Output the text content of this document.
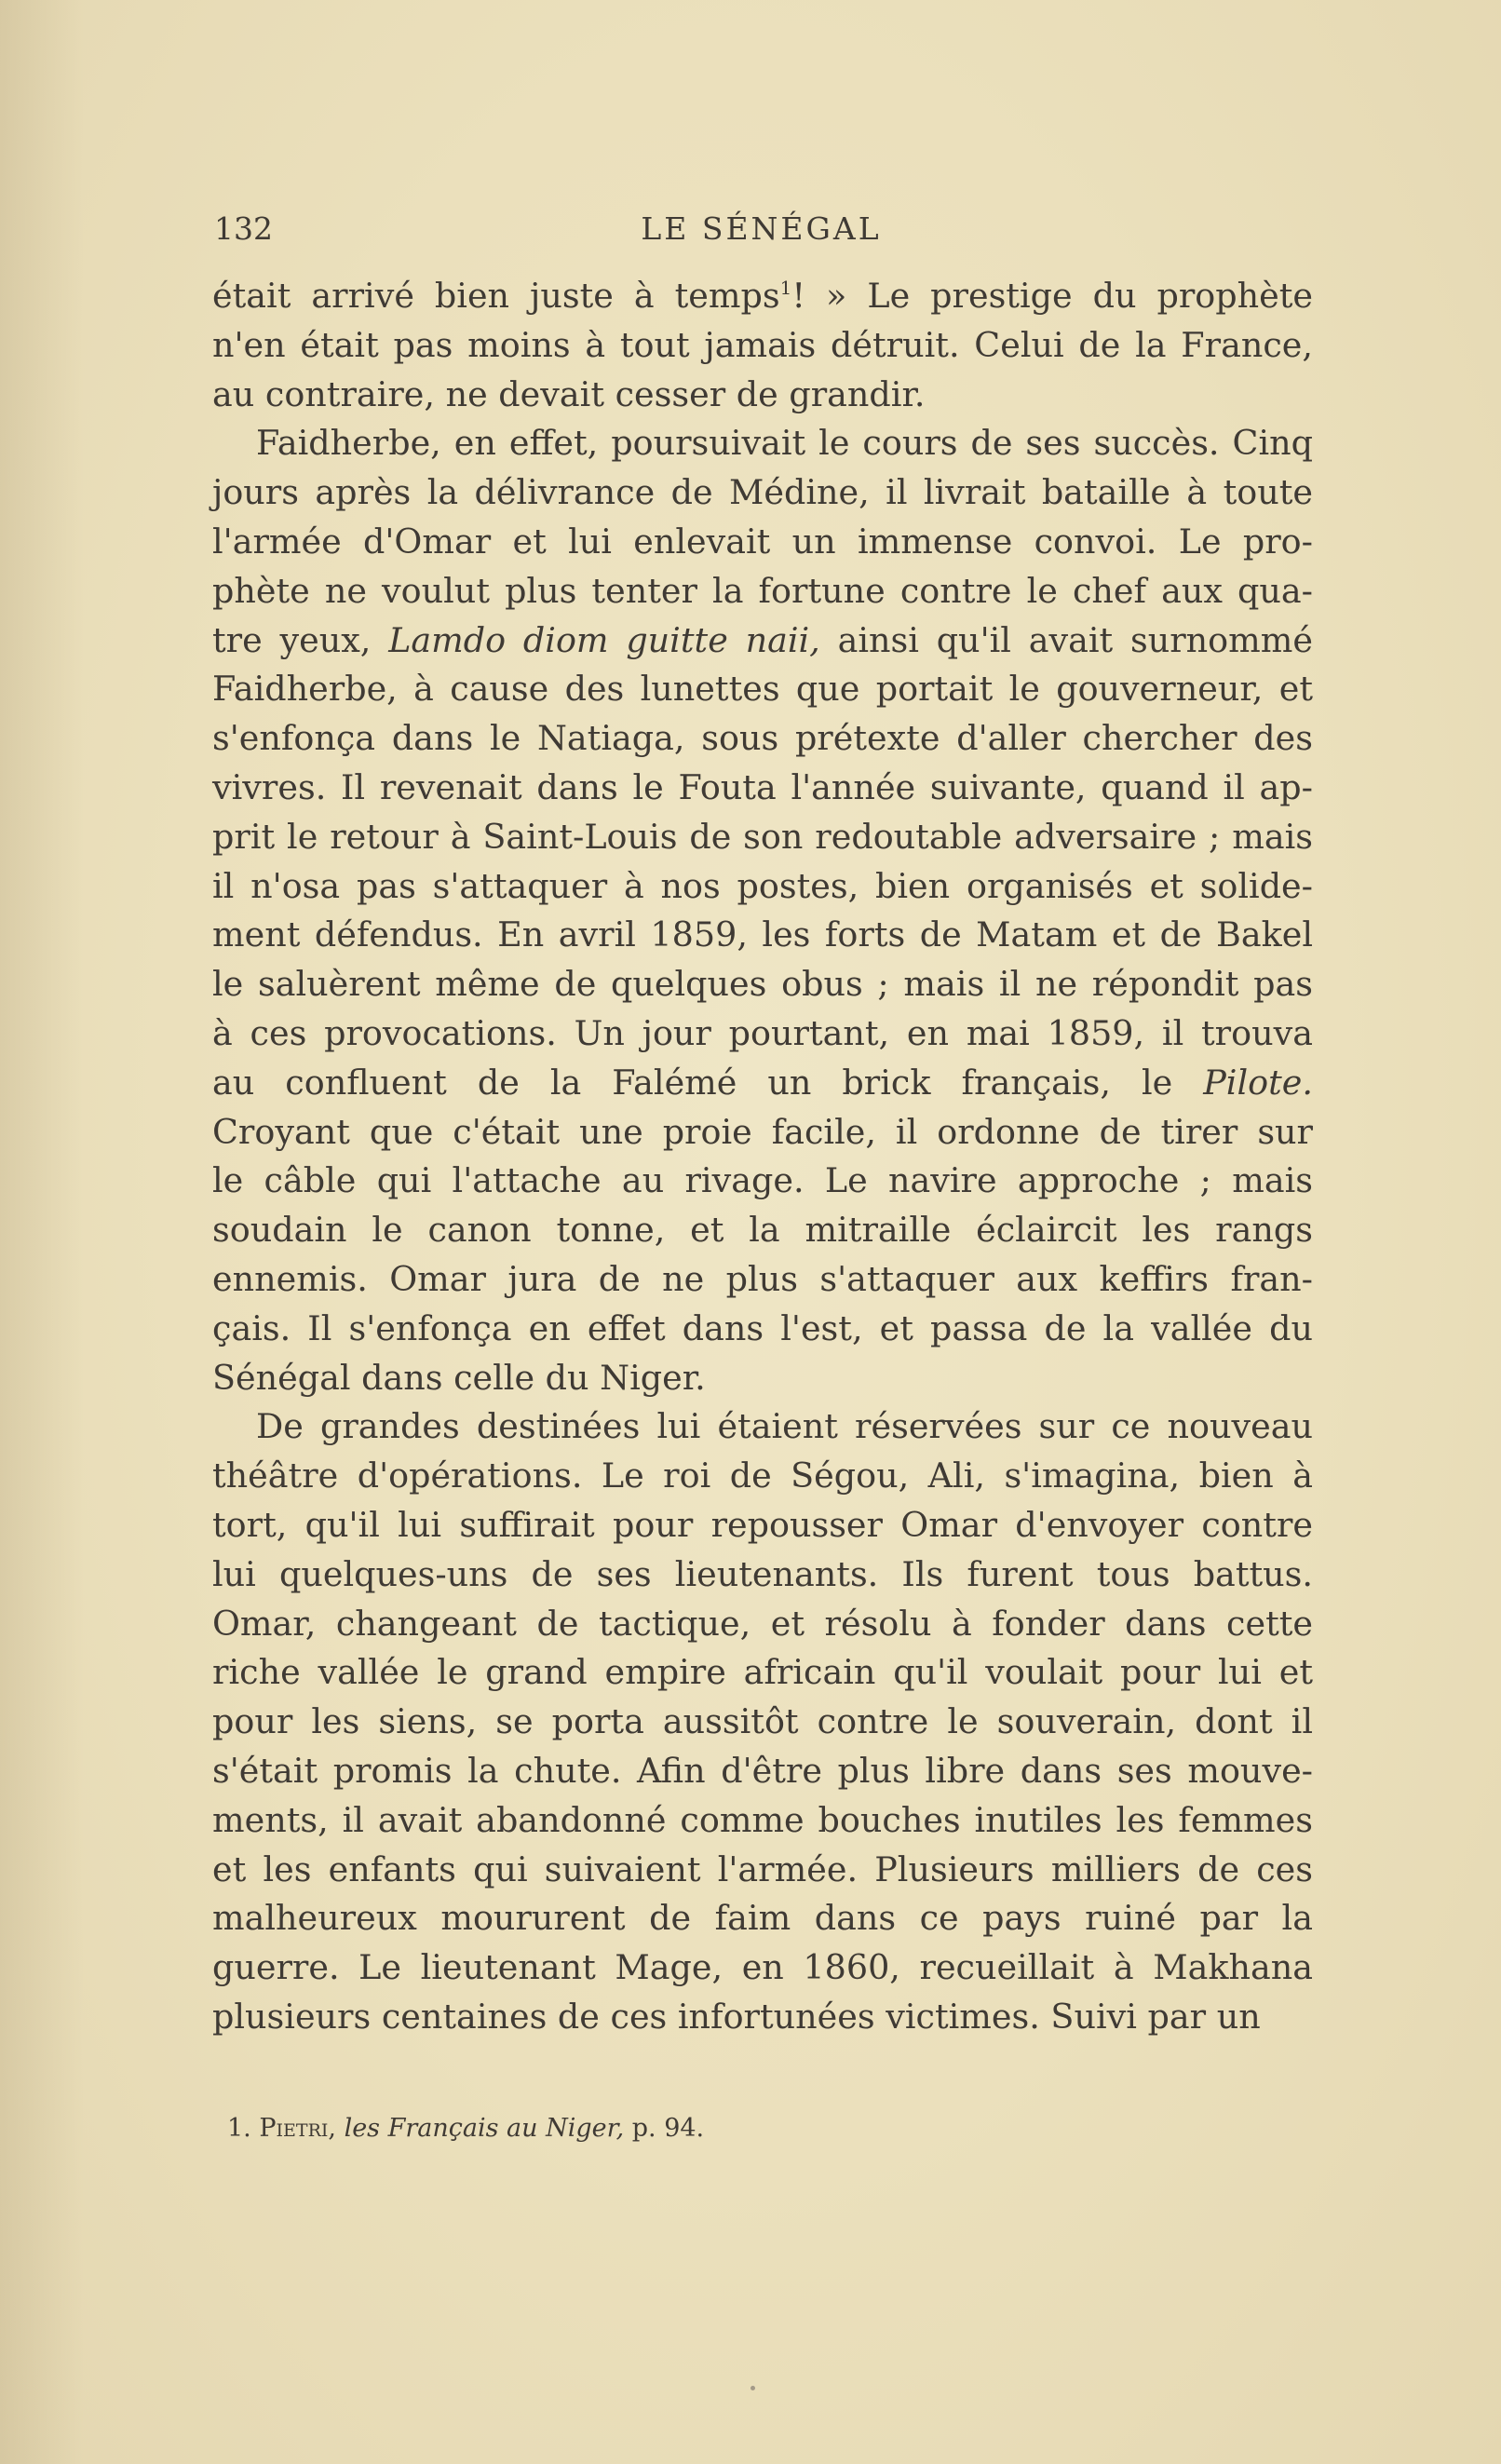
132	LE SÉNÉGAL
était arrivé bien juste à temps$^1$! » Le prestige du prophète
n'en était pas moins à tout jamais détruit. Celui de la France,
au contraire, ne devait cesser de grandir.
Faidherbe, en effet, poursuivait le cours de ses succès. Cinq
jours après la délivrance de Médine, il livrait bataille à toute
l'armée d'Omar et lui enlevait un immense convoi. Le pro-
phète ne voulut plus tenter la fortune contre le chef aux qua-
tre yeux, Lamdo diom guitte naii, ainsi qu'il avait surnommé
Faidherbe, à cause des lunettes que portait le gouverneur, et
s'enfonça dans le Natiaga, sous prétexte d'aller chercher des
vivres. Il revenait dans le Fouta l'année suivante, quand il ap-
prit le retour à Saint-Louis de son redoutable adversaire ; mais
il n'osa pas s'attaquer à nos postes, bien organisés et solide-
ment défendus. En avril 1859, les forts de Matam et de Bakel
le saluèrent même de quelques obus ; mais il ne répondit pas
à ces provocations. Un jour pourtant, en mai 1859, il trouva
au confluent de la Falémé un brick français, le Pilote.
Croyant que c'était une proie facile, il ordonne de tirer sur
le câble qui l'attache au rivage. Le navire approche ; mais
soudain le canon tonne, et la mitraille éclaircit les rangs
ennemis. Omar jura de ne plus s'attaquer aux keffirs fran-
çais. Il s'enfonça en effet dans l'est, et passa de la vallée du
Sénégal dans celle du Niger.
De grandes destinées lui étaient réservées sur ce nouveau
théâtre d'opérations. Le roi de Ségou, Ali, s'imagina, bien à
tort, qu'il lui suffirait pour repousser Omar d'envoyer contre
lui quelques-uns de ses lieutenants. Ils furent tous battus.
Omar, changeant de tactique, et résolu à fonder dans cette
riche vallée le grand empire africain qu'il voulait pour lui et
pour les siens, se porta aussitôt contre le souverain, dont il
s'était promis la chute. Afin d'être plus libre dans ses mouve-
ments, il avait abandonné comme bouches inutiles les femmes
et les enfants qui suivaient l'armée. Plusieurs milliers de ces
malheureux moururent de faim dans ce pays ruiné par la
guerre. Le lieutenant Mage, en 1860, recueillait à Makhana
plusieurs centaines de ces infortunées victimes. Suivi par un
1. Pietri, les Français au Niger, p. 94.
